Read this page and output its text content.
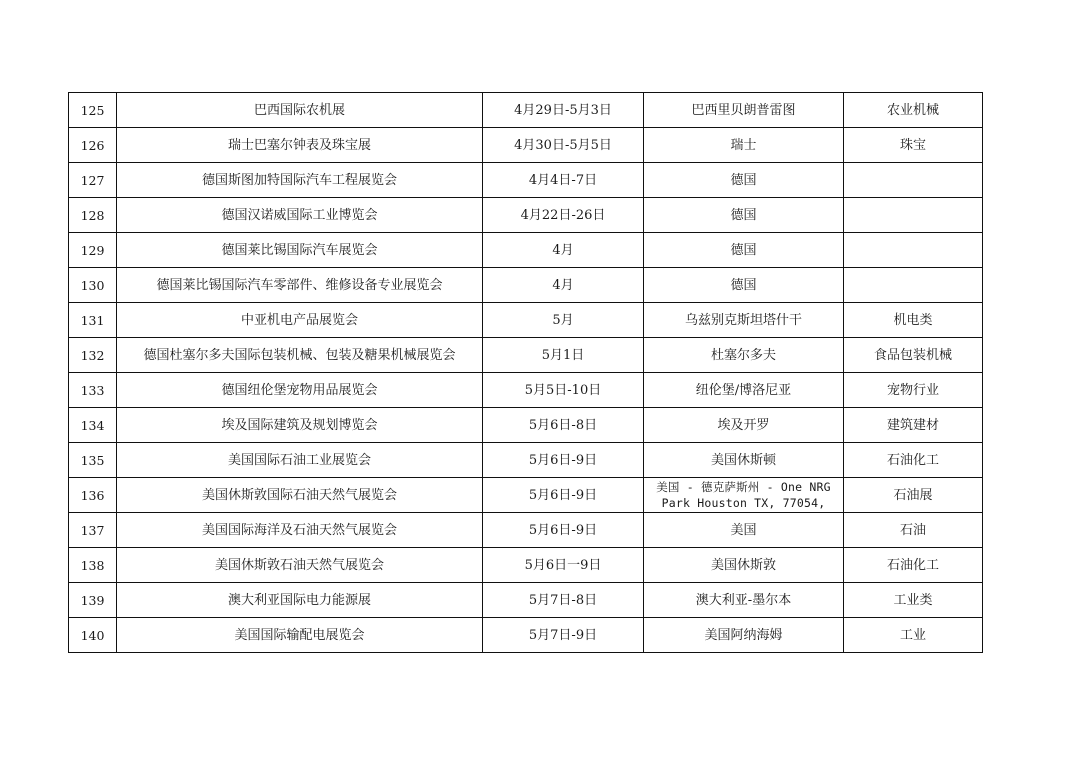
125	巴西国际农机展	4月29日-5月3日	巴西里贝朗普雷图	农业机械
126	瑞士巴塞尔钟表及珠宝展	4月30日-5月5日	瑞士	珠宝
127	德国斯图加特国际汽车工程展览会	4月4日-7日	德国	
128	德国汉诺威国际工业博览会	4月22日-26日	德国	
129	德国莱比锡国际汽车展览会	4月	德国	
130	德国莱比锡国际汽车零部件、维修设备专业展览会	4月	德国	
131	中亚机电产品展览会	5月	乌兹别克斯坦塔什干	机电类
132	德国杜塞尔多夫国际包装机械、包装及糖果机械展览会	5月1日	杜塞尔多夫	食品包装机械
133	德国纽伦堡宠物用品展览会	5月5日-10日	纽伦堡/博洛尼亚	宠物行业
134	埃及国际建筑及规划博览会	5月6日-8日	埃及开罗	建筑建材
135	美国国际石油工业展览会	5月6日-9日	美国休斯顿	石油化工
136	美国休斯敦国际石油天然气展览会	5月6日-9日	美国 - 德克萨斯州 - One NRG Park Houston TX, 77054,	石油展
137	美国国际海洋及石油天然气展览会	5月6日-9日	美国	石油
138	美国休斯敦石油天然气展览会	5月6日一9日	美国休斯敦	石油化工
139	澳大利亚国际电力能源展	5月7日-8日	澳大利亚-墨尔本	工业类
140	美国国际输配电展览会	5月7日-9日	美国阿纳海姆	工业
